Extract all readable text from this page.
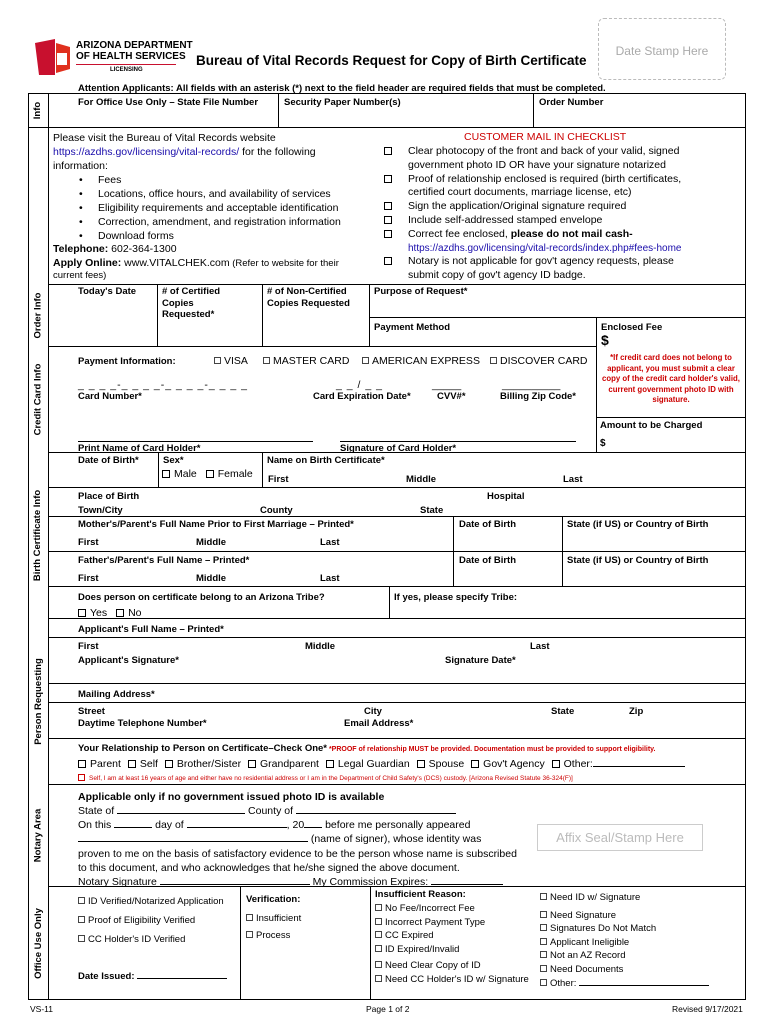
ARIZONA DEPARTMENT
OF HEALTH SERVICES
LICENSING
Bureau of Vital Records Request for Copy of Birth Certificate
Date Stamp Here
Attention Applicants: All fields with an asterisk (*) next to the field header are required fields that must be completed.
Info
Order Info
Credit Card Info
Birth Certificate Info
Person Requesting
Notary Area
Office Use Only
For Office Use Only – State File Number	Security Paper Number(s)	Order Number
Please visit the Bureau of Vital Records website
https://azdhs.gov/licensing/vital-records/ for the following
information:
• Fees
• Locations, office hours, and availability of services
• Eligibility requirements and acceptable identification
• Correction, amendment, and registration information
• Download forms
Telephone: 602-364-1300
Apply Online: www.VITALCHEK.com (Refer to website for their
current fees)
CUSTOMER MAIL IN CHECKLIST
Clear photocopy of the front and back of your valid, signed
government photo ID OR have your signature notarized
Proof of relationship enclosed is required (birth certificates,
certified court documents, marriage license, etc)
Sign the application/Original signature required
Include self-addressed stamped envelope
Correct fee enclosed, please do not mail cash-
https://azdhs.gov/licensing/vital-records/index.php#fees-home
Notary is not applicable for gov't agency requests, please
submit copy of gov't agency ID badge.
Today's Date	# of Certified
Copies
Requested*
# of Non-Certified
Copies Requested
Purpose of Request*
Payment Method	Enclosed Fee
$
Payment Information:	VISA	MASTER CARD	AMERICAN EXPRESS	DISCOVER CARD
_ _ _ _-_ _ _ _-_ _ _ _-_ _ _ _	_ _ / _ _	_____	__________
Card Number*	Card Expiration Date*	CVV#*	Billing Zip Code*
*If credit card does not belong to applicant, you must submit a clear copy of the credit card holder's valid, current government photo ID with signature.
Amount to be Charged
$
Print Name of Card Holder*	Signature of Card Holder*
Date of Birth*	Sex*
Male Female
Name on Birth Certificate*
First	Middle	Last
Place of Birth	Hospital
Town/City	County	State
Mother's/Parent's Full Name Prior to First Marriage – Printed*	Date of Birth	State (if US) or Country of Birth
First	Middle	Last
Father's/Parent's Full Name – Printed*	Date of Birth	State (if US) or Country of Birth
First	Middle	Last
Does person on certificate belong to an Arizona Tribe?	If yes, please specify Tribe:
Yes No
Applicant's Full Name – Printed*
First	Middle	Last
Applicant's Signature*	Signature Date*
Mailing Address*
Street	City	State	Zip
Daytime Telephone Number*	Email Address*
Your Relationship to Person on Certificate–Check One* *PROOF of relationship MUST be provided. Documentation must be provided to support eligibility.
Parent Self Brother/Sister Grandparent Legal Guardian Spouse Gov't Agency Other:
Self, I am at least 16 years of age and either have no residential address or I am in the Department of Child Safety's (DCS) custody. [Arizona Revised Statute 36-324(F)]
Applicable only if no government issued photo ID is available
State of	County of
On this	day of	, 20 before me personally appeared
(name of signer), whose identity was
proven to me on the basis of satisfactory evidence to be the person whose name is subscribed
to this document, and who acknowledges that he/she signed the above document.
Notary Signature	My Commission Expires:
Affix Seal/Stamp Here
ID Verified/Notarized Application
Proof of Eligibility Verified
CC Holder's ID Verified
Date Issued:
Verification:
Insufficient
Process
Insufficient Reason:
No Fee/Incorrect Fee
Incorrect Payment Type
CC Expired
ID Expired/Invalid
Need Clear Copy of ID
Need CC Holder's ID w/ Signature
Need ID w/ Signature
Need Signature
Signatures Do Not Match
Applicant Ineligible
Not an AZ Record
Need Documents
Other:
VS-11	Page 1 of 2	Revised 9/17/2021
